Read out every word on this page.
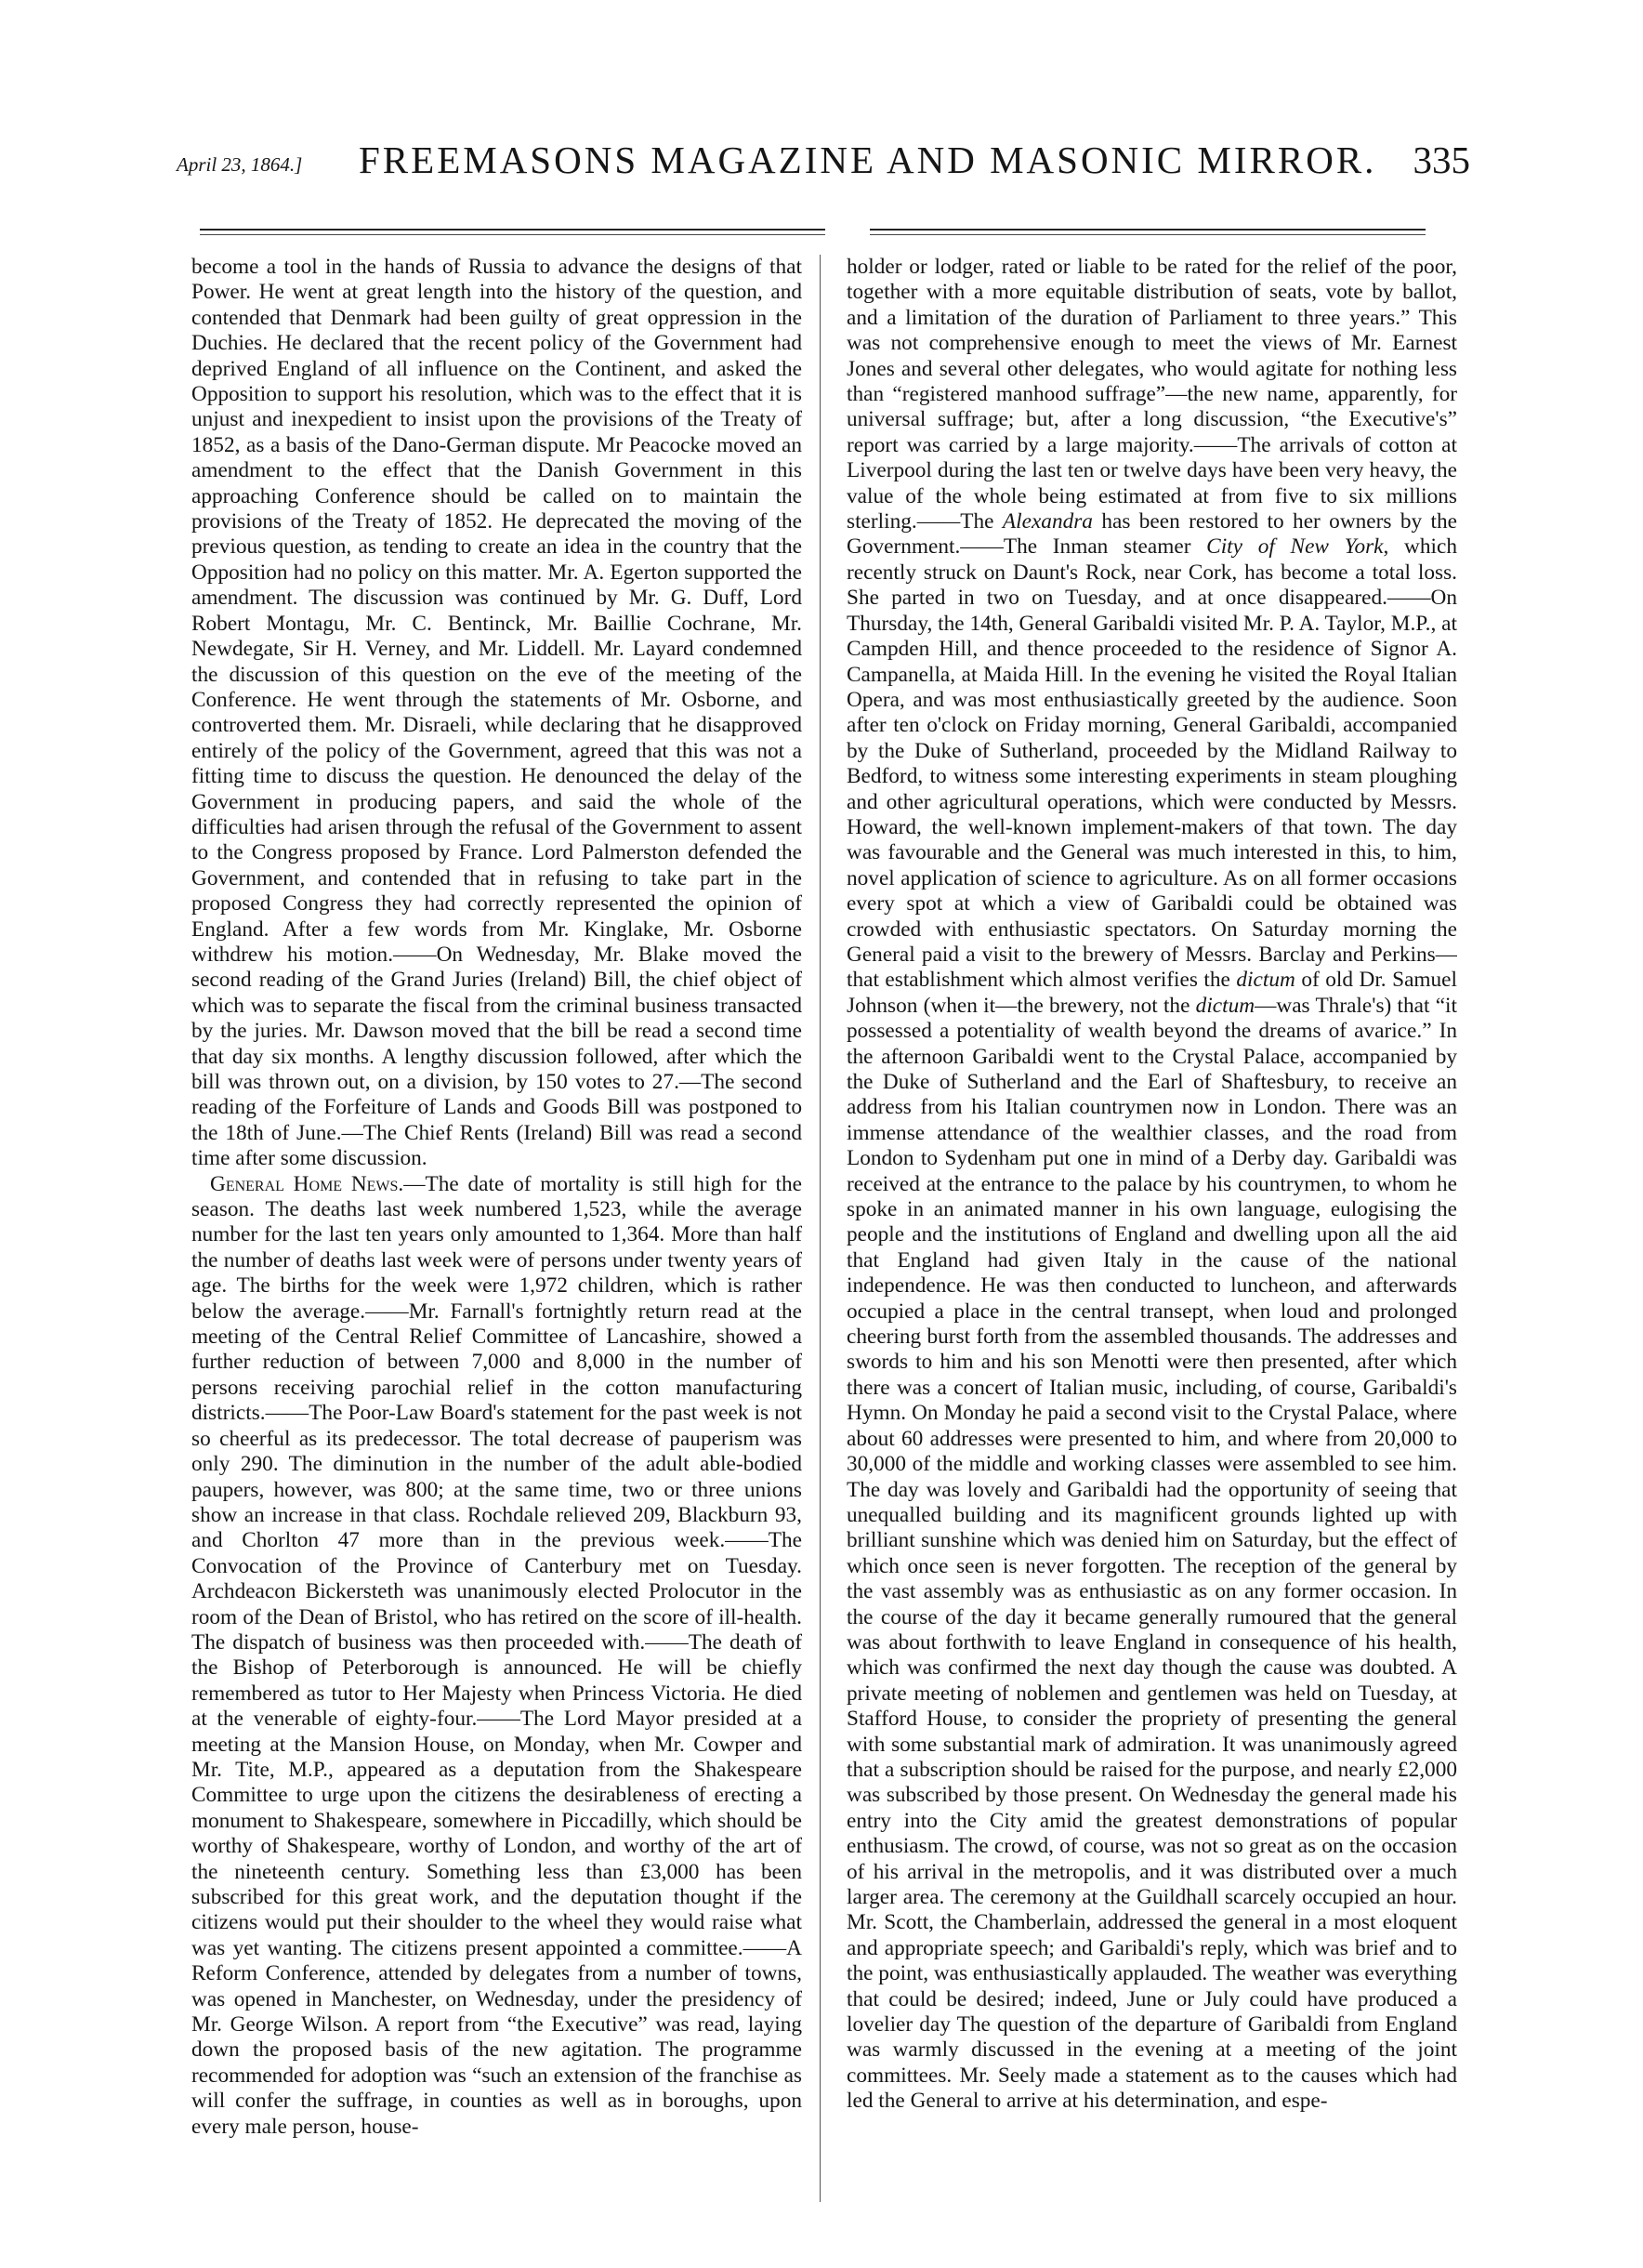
April 23, 1864.] FREEMASONS MAGAZINE AND MASONIC MIRROR. 335

become a tool in the hands of Russia to advance the designs of that Power. He went at great length into the history of the question, and contended that Denmark had been guilty of great oppression in the Duchies. He declared that the recent policy of the Government had deprived England of all influence on the Continent, and asked the Opposition to support his resolution, which was to the effect that it is unjust and inexpedient to insist upon the provisions of the Treaty of 1852, as a basis of the Dano-German dispute. Mr Peacocke moved an amendment to the effect that the Danish Government in this approaching Conference should be called on to maintain the provisions of the Treaty of 1852. He deprecated the moving of the previous question, as tending to create an idea in the country that the Opposition had no policy on this matter. Mr. A. Egerton supported the amendment. The discussion was continued by Mr. G. Duff, Lord Robert Montagu, Mr. C. Bentinck, Mr. Baillie Cochrane, Mr. Newdegate, Sir H. Verney, and Mr. Liddell. Mr. Layard condemned the discussion of this question on the eve of the meeting of the Conference. He went through the statements of Mr. Osborne, and controverted them. Mr. Disraeli, while declaring that he disapproved entirely of the policy of the Government, agreed that this was not a fitting time to discuss the question. He denounced the delay of the Government in producing papers, and said the whole of the difficulties had arisen through the refusal of the Government to assent to the Congress proposed by France. Lord Palmerston defended the Government, and contended that in refusing to take part in the proposed Congress they had correctly represented the opinion of England. After a few words from Mr. Kinglake, Mr. Osborne withdrew his motion.——On Wednesday, Mr. Blake moved the second reading of the Grand Juries (Ireland) Bill, the chief object of which was to separate the fiscal from the criminal business transacted by the juries. Mr. Dawson moved that the bill be read a second time that day six months. A lengthy discussion followed, after which the bill was thrown out, on a division, by 150 votes to 27.—The second reading of the Forfeiture of Lands and Goods Bill was postponed to the 18th of June.—The Chief Rents (Ireland) Bill was read a second time after some discussion.

General Home News.—The date of mortality is still high for the season. The deaths last week numbered 1,523, while the average number for the last ten years only amounted to 1,364. More than half the number of deaths last week were of persons under twenty years of age. The births for the week were 1,972 children, which is rather below the average.——Mr. Farnall's fortnightly return read at the meeting of the Central Relief Committee of Lancashire, showed a further reduction of between 7,000 and 8,000 in the number of persons receiving parochial relief in the cotton manufacturing districts.——The Poor-Law Board's statement for the past week is not so cheerful as its predecessor. The total decrease of pauperism was only 290. The diminution in the number of the adult able-bodied paupers, however, was 800; at the same time, two or three unions show an increase in that class. Rochdale relieved 209, Blackburn 93, and Chorlton 47 more than in the previous week.——The Convocation of the Province of Canterbury met on Tuesday. Archdeacon Bickersteth was unanimously elected Prolocutor in the room of the Dean of Bristol, who has retired on the score of ill-health. The dispatch of business was then proceeded with.——The death of the Bishop of Peterborough is announced. He will be chiefly remembered as tutor to Her Majesty when Princess Victoria. He died at the venerable of eighty-four.——The Lord Mayor presided at a meeting at the Mansion House, on Monday, when Mr. Cowper and Mr. Tite, M.P., appeared as a deputation from the Shakespeare Committee to urge upon the citizens the desirableness of erecting a monument to Shakespeare, somewhere in Piccadilly, which should be worthy of Shakespeare, worthy of London, and worthy of the art of the nineteenth century. Something less than £3,000 has been subscribed for this great work, and the deputation thought if the citizens would put their shoulder to the wheel they would raise what was yet wanting. The citizens present appointed a committee.——A Reform Conference, attended by delegates from a number of towns, was opened in Manchester, on Wednesday, under the presidency of Mr. George Wilson. A report from “the Executive” was read, laying down the proposed basis of the new agitation. The programme recommended for adoption was “such an extension of the franchise as will confer the suffrage, in counties as well as in boroughs, upon every male person, house-

holder or lodger, rated or liable to be rated for the relief of the poor, together with a more equitable distribution of seats, vote by ballot, and a limitation of the duration of Parliament to three years.” This was not comprehensive enough to meet the views of Mr. Earnest Jones and several other delegates, who would agitate for nothing less than “registered manhood suffrage”—the new name, apparently, for universal suffrage; but, after a long discussion, “the Executive's” report was carried by a large majority.——The arrivals of cotton at Liverpool during the last ten or twelve days have been very heavy, the value of the whole being estimated at from five to six millions sterling.——The Alexandra has been restored to her owners by the Government.——The Inman steamer City of New York, which recently struck on Daunt's Rock, near Cork, has become a total loss. She parted in two on Tuesday, and at once disappeared.——On Thursday, the 14th, General Garibaldi visited Mr. P. A. Taylor, M.P., at Campden Hill, and thence proceeded to the residence of Signor A. Campanella, at Maida Hill. In the evening he visited the Royal Italian Opera, and was most enthusiastically greeted by the audience. Soon after ten o'clock on Friday morning, General Garibaldi, accompanied by the Duke of Sutherland, proceeded by the Midland Railway to Bedford, to witness some interesting experiments in steam ploughing and other agricultural operations, which were conducted by Messrs. Howard, the well-known implement-makers of that town. The day was favourable and the General was much interested in this, to him, novel application of science to agriculture. As on all former occasions every spot at which a view of Garibaldi could be obtained was crowded with enthusiastic spectators. On Saturday morning the General paid a visit to the brewery of Messrs. Barclay and Perkins—that establishment which almost verifies the dictum of old Dr. Samuel Johnson (when it—the brewery, not the dictum—was Thrale's) that “it possessed a potentiality of wealth beyond the dreams of avarice.” In the afternoon Garibaldi went to the Crystal Palace, accompanied by the Duke of Sutherland and the Earl of Shaftesbury, to receive an address from his Italian countrymen now in London. There was an immense attendance of the wealthier classes, and the road from London to Sydenham put one in mind of a Derby day. Garibaldi was received at the entrance to the palace by his countrymen, to whom he spoke in an animated manner in his own language, eulogising the people and the institutions of England and dwelling upon all the aid that England had given Italy in the cause of the national independence. He was then conducted to luncheon, and afterwards occupied a place in the central transept, when loud and prolonged cheering burst forth from the assembled thousands. The addresses and swords to him and his son Menotti were then presented, after which there was a concert of Italian music, including, of course, Garibaldi's Hymn. On Monday he paid a second visit to the Crystal Palace, where about 60 addresses were presented to him, and where from 20,000 to 30,000 of the middle and working classes were assembled to see him. The day was lovely and Garibaldi had the opportunity of seeing that unequalled building and its magnificent grounds lighted up with brilliant sunshine which was denied him on Saturday, but the effect of which once seen is never forgotten. The reception of the general by the vast assembly was as enthusiastic as on any former occasion. In the course of the day it became generally rumoured that the general was about forthwith to leave England in consequence of his health, which was confirmed the next day though the cause was doubted. A private meeting of noblemen and gentlemen was held on Tuesday, at Stafford House, to consider the propriety of presenting the general with some substantial mark of admiration. It was unanimously agreed that a subscription should be raised for the purpose, and nearly £2,000 was subscribed by those present. On Wednesday the general made his entry into the City amid the greatest demonstrations of popular enthusiasm. The crowd, of course, was not so great as on the occasion of his arrival in the metropolis, and it was distributed over a much larger area. The ceremony at the Guildhall scarcely occupied an hour. Mr. Scott, the Chamberlain, addressed the general in a most eloquent and appropriate speech; and Garibaldi's reply, which was brief and to the point, was enthusiastically applauded. The weather was everything that could be desired; indeed, June or July could have produced a lovelier day The question of the departure of Garibaldi from England was warmly discussed in the evening at a meeting of the joint committees. Mr. Seely made a statement as to the causes which had led the General to arrive at his determination, and espe-
